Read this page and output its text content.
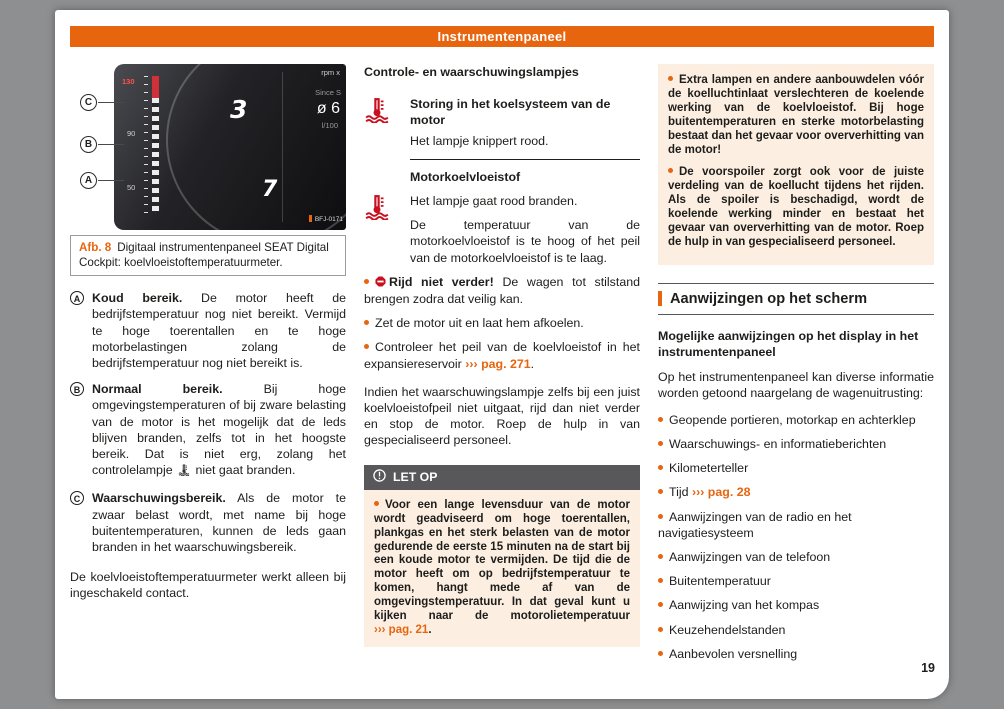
Instrumentenpaneel
C
B
A
130
90
50
3
7
rpm x
Since S
ø 6
l/100
BFJ-0171
Afb. 8 Digitaal instrumentenpaneel SEAT Digital Cockpit: koelvloeistoftemperatuurmeter.
A Koud bereik. De motor heeft de bedrijfstemperatuur nog niet bereikt. Vermijd te hoge toerentallen en te hoge motorbelastingen zolang de bedrijfstemperatuur nog niet bereikt is.
B Normaal bereik.	Bij hoge omgevingstemperaturen of bij zware belasting van de motor is het mogelijk dat de leds blijven branden, zelfs tot in het hoogste bereik. Dat is niet erg, zolang het controlelampje niet gaat branden.
C Waarschuwingsbereik. Als de motor te zwaar belast wordt, met name bij hoge buitentemperaturen, kunnen de leds gaan branden in het waarschuwingsbereik.
De koelvloeistoftemperatuurmeter werkt alleen bij ingeschakeld contact.
Controle- en waarschuwingslampjes
Storing in het koelsysteem van de motor
Het lampje knippert rood.
Motorkoelvloeistof
Het lampje gaat rood branden.
De temperatuur van de motorkoelvloeistof is te hoog of het peil van de motorkoelvloeistof is te laag.
Rijd niet verder! De wagen tot stilstand brengen zodra dat veilig kan.
Zet de motor uit en laat hem afkoelen.
Controleer het peil van de koelvloeistof in het expansiereservoir ››› pag. 271.
Indien het waarschuwingslampje zelfs bij een juist koelvloeistofpeil niet uitgaat, rijd dan niet verder en stop de motor. Roep de hulp in van gespecialiseerd personeel.
LET OP
Voor een lange levensduur van de motor wordt geadviseerd om hoge toerentallen, plankgas en het sterk belasten van de motor gedurende de eerste 15 minuten na de start bij een koude motor te vermijden. De tijd die de motor heeft om op bedrijfstemperatuur te komen, hangt mede af van de omgevingstemperatuur. In dat geval kunt u kijken naar de motorolietemperatuur ››› pag. 21.
Extra lampen en andere aanbouwdelen vóór de koelluchtinlaat verslechteren de koelende werking van de koelvloeistof. Bij hoge buitentemperaturen en sterke motorbelasting bestaat dan het gevaar voor oververhitting van de motor!
De voorspoiler zorgt ook voor de juiste verdeling van de koellucht tijdens het rijden. Als de spoiler is beschadigd, wordt de koelende werking minder en bestaat het gevaar van oververhitting van de motor. Roep de hulp in van gespecialiseerd personeel.
Aanwijzingen op het scherm
Mogelijke aanwijzingen op het display in het instrumentenpaneel
Op het instrumentenpaneel kan diverse informatie worden getoond naargelang de wagenuitrusting:
Geopende portieren, motorkap en achterklep
Waarschuwings- en informatieberichten
Kilometerteller
Tijd ››› pag. 28
Aanwijzingen van de radio en het navigatiesysteem
Aanwijzingen van de telefoon
Buitentemperatuur
Aanwijzing van het kompas
Keuzehendelstanden
Aanbevolen versnelling
19
